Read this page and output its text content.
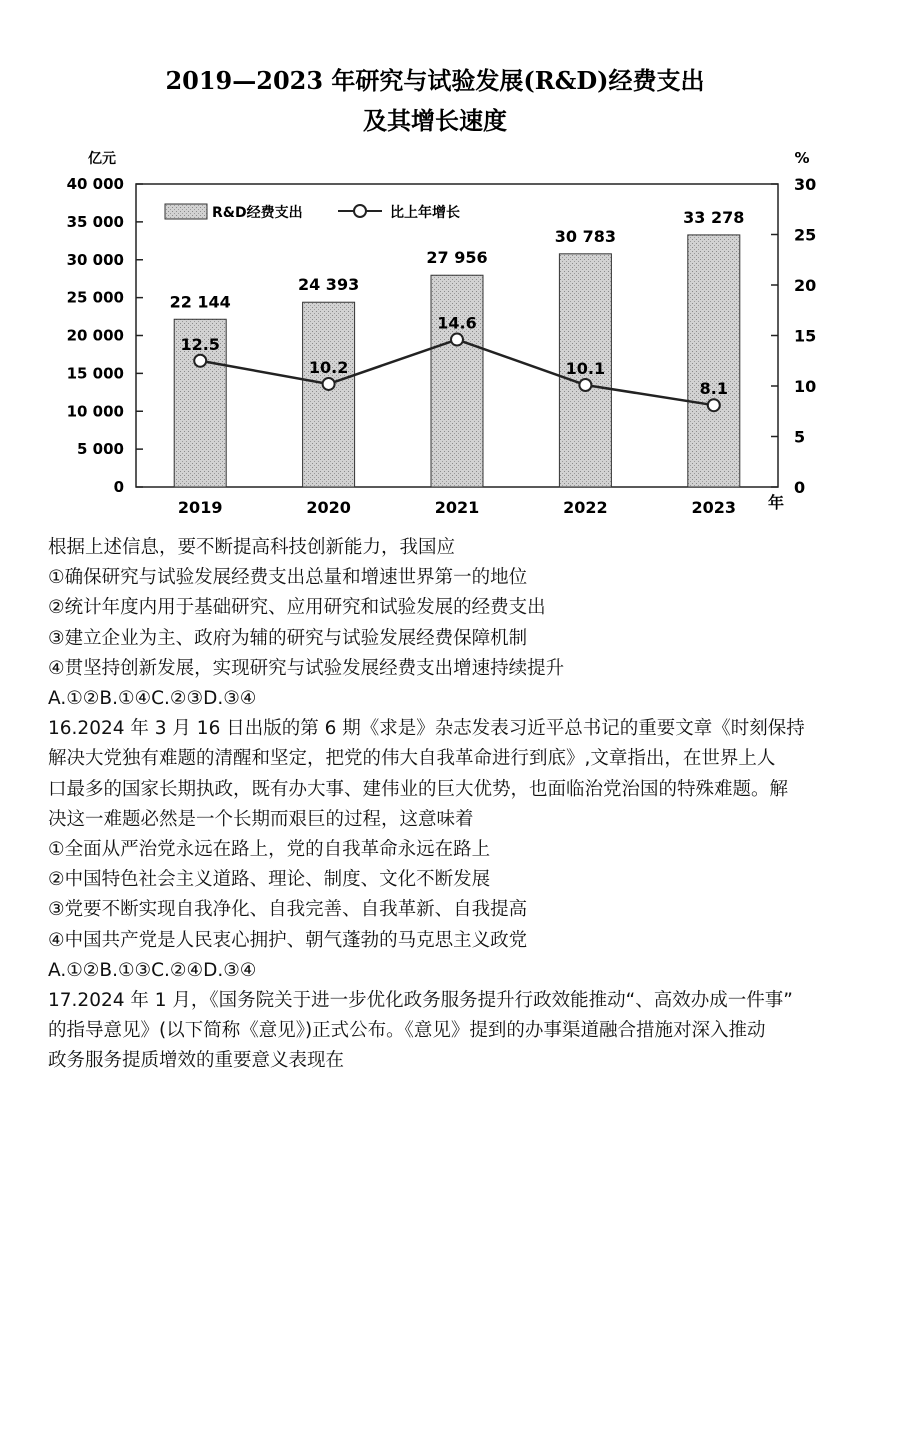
2019—2023 年研究与试验发展(R&D)经费支出
及其增长速度
亿元	%
0
5 000
10 000
15 000
20 000
25 000
30 000
35 000
40 000
0
5
10
15
20
25
30
22 144
24 393
27 956
30 783
33 278
12.5
10.2
14.6
10.1
8.1
2019	2020	2021	2022	2023 年
R&D经费支出	比上年增长

根据上述信息，要不断提高科技创新能力，我国应

①确保研究与试验发展经费支出总量和增速世界第一的地位

②统计年度内用于基础研究、应用研究和试验发展的经费支出

③建立企业为主、政府为辅的研究与试验发展经费保障机制

④贯坚持创新发展，实现研究与试验发展经费支出增速持续提升

A.①②B.①④C.②③D.③④

16.2024 年 3 月 16 日出版的第 6 期《求是》杂志发表习近平总书记的重要文章《时刻保持

解决大党独有难题的清醒和坚定，把党的伟大自我革命进行到底》,文章指出，在世界上人

口最多的国家长期执政，既有办大事、建伟业的巨大优势，也面临治党治国的特殊难题。解

决这一难题必然是一个长期而艰巨的过程，这意味着

①全面从严治党永远在路上，党的自我革命永远在路上

②中国特色社会主义道路、理论、制度、文化不断发展

③党要不断实现自我净化、自我完善、自我革新、自我提高

④中国共产党是人民衷心拥护、朝气蓬勃的马克思主义政党

A.①②B.①③C.②④D.③④

17.2024 年 1 月，《国务院关于进一步优化政务服务提升行政效能推动“、高效办成一件事”

的指导意见》(以下简称《意见》)正式公布。《意见》提到的办事渠道融合措施对深入推动

政务服务提质增效的重要意义表现在
